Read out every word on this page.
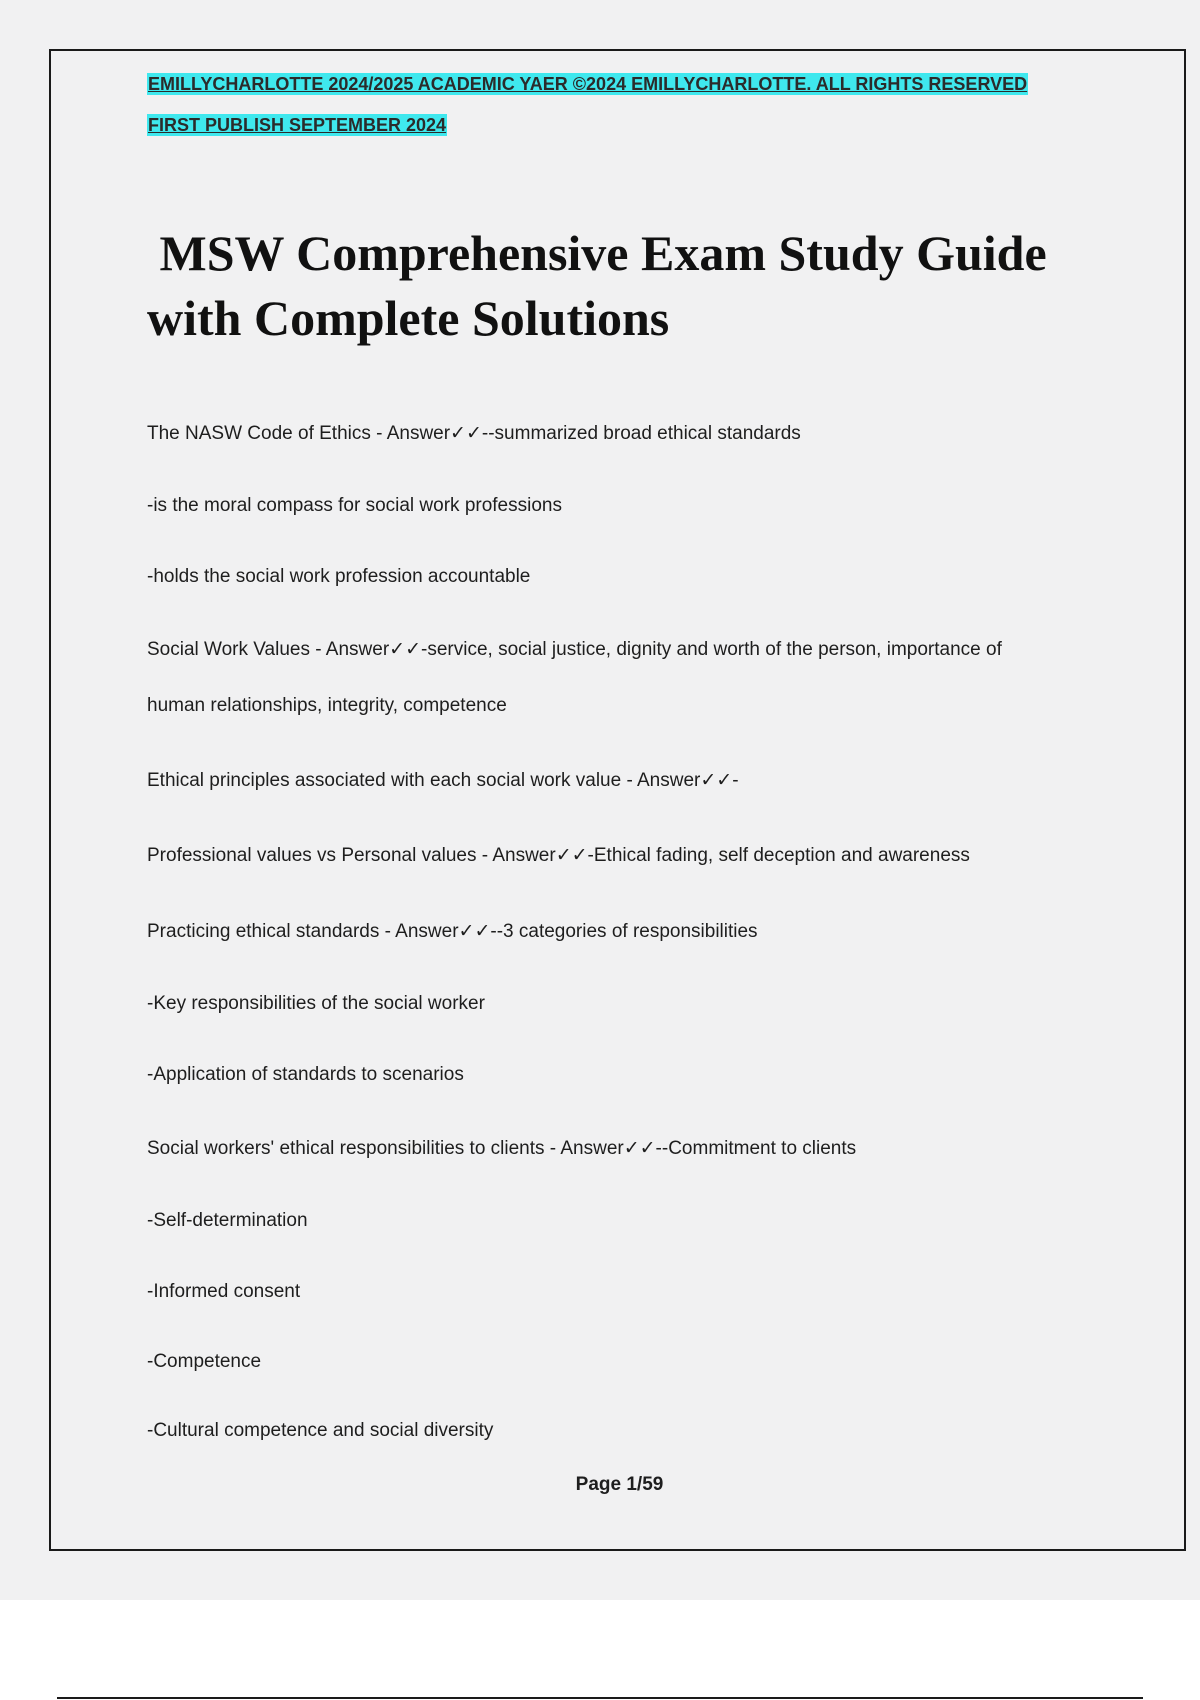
EMILLYCHARLOTTE 2024/2025 ACADEMIC YAER ©2024 EMILLYCHARLOTTE. ALL RIGHTS RESERVED
FIRST PUBLISH SEPTEMBER 2024
MSW Comprehensive Exam Study Guide
with Complete Solutions
The NASW Code of Ethics - Answer✓✓--summarized broad ethical standards
-is the moral compass for social work professions
-holds the social work profession accountable
Social Work Values - Answer✓✓-service, social justice, dignity and worth of the person, importance of
human relationships, integrity, competence
Ethical principles associated with each social work value - Answer✓✓-
Professional values vs Personal values - Answer✓✓-Ethical fading, self deception and awareness
Practicing ethical standards - Answer✓✓--3 categories of responsibilities
-Key responsibilities of the social worker
-Application of standards to scenarios
Social workers' ethical responsibilities to clients - Answer✓✓--Commitment to clients
-Self-determination
-Informed consent
-Competence
-Cultural competence and social diversity
Page 1/59
